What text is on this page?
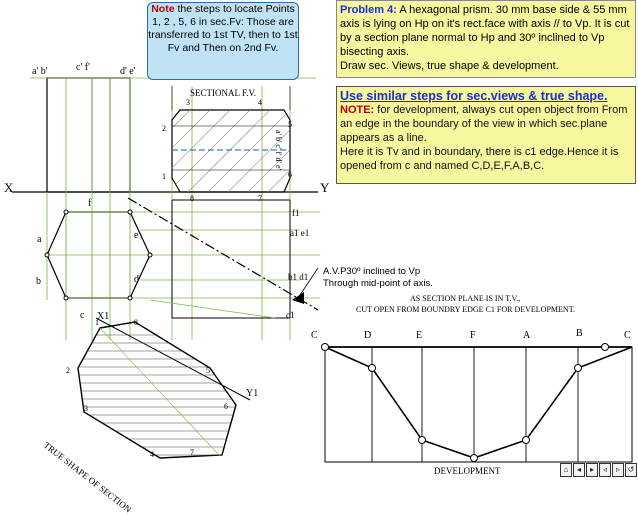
Note the steps to locate Points 1, 2 , 5, 6 in sec.Fv: Those are transferred to 1st TV, then to 1st Fv and Then on 2nd Fv.
Problem 4: A hexagonal prism. 30 mm base side & 55 mm axis is lying on Hp on it's rect.face with axis // to Vp. It is cut by a section plane normal to Hp and 30º inclined to Vp bisecting axis.
Draw sec. Views, true shape & development.
Use similar steps for sec.views & true shape.
NOTE: for development, always cut open object from From an edge in the boundary of the view in which sec.plane appears as a line.
Here it is Tv and in boundary, there is c1 edge.Hence it is opened from c and named C,D,E,F,A,B,C.
SECTIONAL F.V.
X	Y
a' b'	c' f'	d' e'
f
a	e
b	d
c X1
Y1
a1 e1
b1 d1
c1
f1
a' b' c' f' d' e'
A.V.P30º inclined to Vp
Through mid-point of axis.
AS SECTION PLANE IS IN T.V.,
CUT OPEN FROM BOUNDRY EDGE C1 FOR DEVELOPMENT.
DEVELOPMENT
TRUE SHAPE OF SECTION
C	D	E	F	A	B	C
3	4
2	5
1	6
8	7
1
2
3
4
5
6
7
8
⌂	◂	▸	◃	▹ ↺
